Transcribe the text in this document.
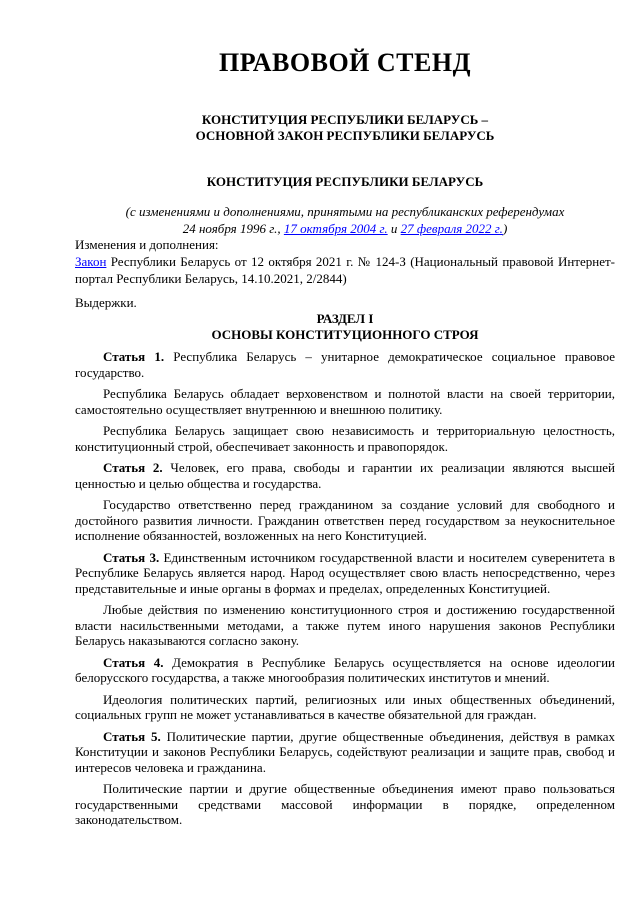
ПРАВОВОЙ СТЕНД
КОНСТИТУЦИЯ РЕСПУБЛИКИ БЕЛАРУСЬ –
ОСНОВНОЙ ЗАКОН РЕСПУБЛИКИ БЕЛАРУСЬ
КОНСТИТУЦИЯ РЕСПУБЛИКИ БЕЛАРУСЬ
(с изменениями и дополнениями, принятыми на республиканских референдумах
24 ноября 1996 г., 17 октября 2004 г. и 27 февраля 2022 г.)
Изменения и дополнения:

Закон Республики Беларусь от 12 октября 2021 г. № 124-З (Национальный правовой Интернет-портал Республики Беларусь, 14.10.2021, 2/2844)

Выдержки.
РАЗДЕЛ I
ОСНОВЫ КОНСТИТУЦИОННОГО СТРОЯ

Статья 1. Республика Беларусь – унитарное демократическое социальное правовое государство.

Республика Беларусь обладает верховенством и полнотой власти на своей территории, самостоятельно осуществляет внутреннюю и внешнюю политику.

Республика Беларусь защищает свою независимость и территориальную целостность, конституционный строй, обеспечивает законность и правопорядок.

Статья 2. Человек, его права, свободы и гарантии их реализации являются высшей ценностью и целью общества и государства.

Государство ответственно перед гражданином за создание условий для свободного и достойного развития личности. Гражданин ответствен перед государством за неукоснительное исполнение обязанностей, возложенных на него Конституцией.

Статья 3. Единственным источником государственной власти и носителем суверенитета в Республике Беларусь является народ. Народ осуществляет свою власть непосредственно, через представительные и иные органы в формах и пределах, определенных Конституцией.

Любые действия по изменению конституционного строя и достижению государственной власти насильственными методами, а также путем иного нарушения законов Республики Беларусь наказываются согласно закону.

Статья 4. Демократия в Республике Беларусь осуществляется на основе идеологии белорусского государства, а также многообразия политических институтов и мнений.

Идеология политических партий, религиозных или иных общественных объединений, социальных групп не может устанавливаться в качестве обязательной для граждан.

Статья 5. Политические партии, другие общественные объединения, действуя в рамках Конституции и законов Республики Беларусь, содействуют реализации и защите прав, свобод и интересов человека и гражданина.

Политические партии и другие общественные объединения имеют право пользоваться государственными средствами массовой информации в порядке, определенном законодательством.
